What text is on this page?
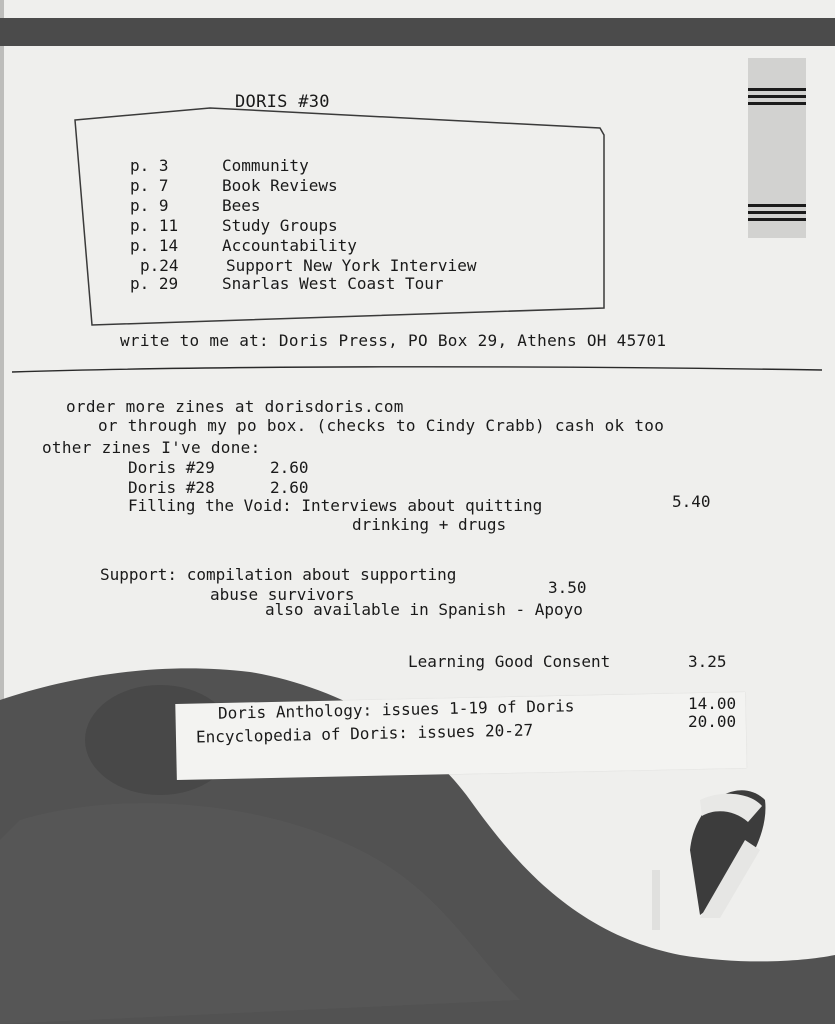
DORIS #30
p. 3	Community
p. 7	Book Reviews
p. 9	Bees
p. 11	Study Groups
p. 14	Accountability
p.24	Support New York Interview
p. 29	Snarlas West Coast Tour
write to me at: Doris Press, PO Box 29, Athens OH 45701
order more zines at dorisdoris.com
or through my po box. (checks to Cindy Crabb) cash ok too
other zines I've done:
Doris #29	2.60
Doris #28	2.60
Filling the Void: Interviews about quitting	5.40
drinking + drugs
Support: compilation about supporting
abuse survivors	3.50
also available in Spanish - Apoyo
Learning Good Consent	3.25
Doris Anthology: issues 1-19 of Doris	14.00
Encyclopedia of Doris: issues 20-27	20.00
